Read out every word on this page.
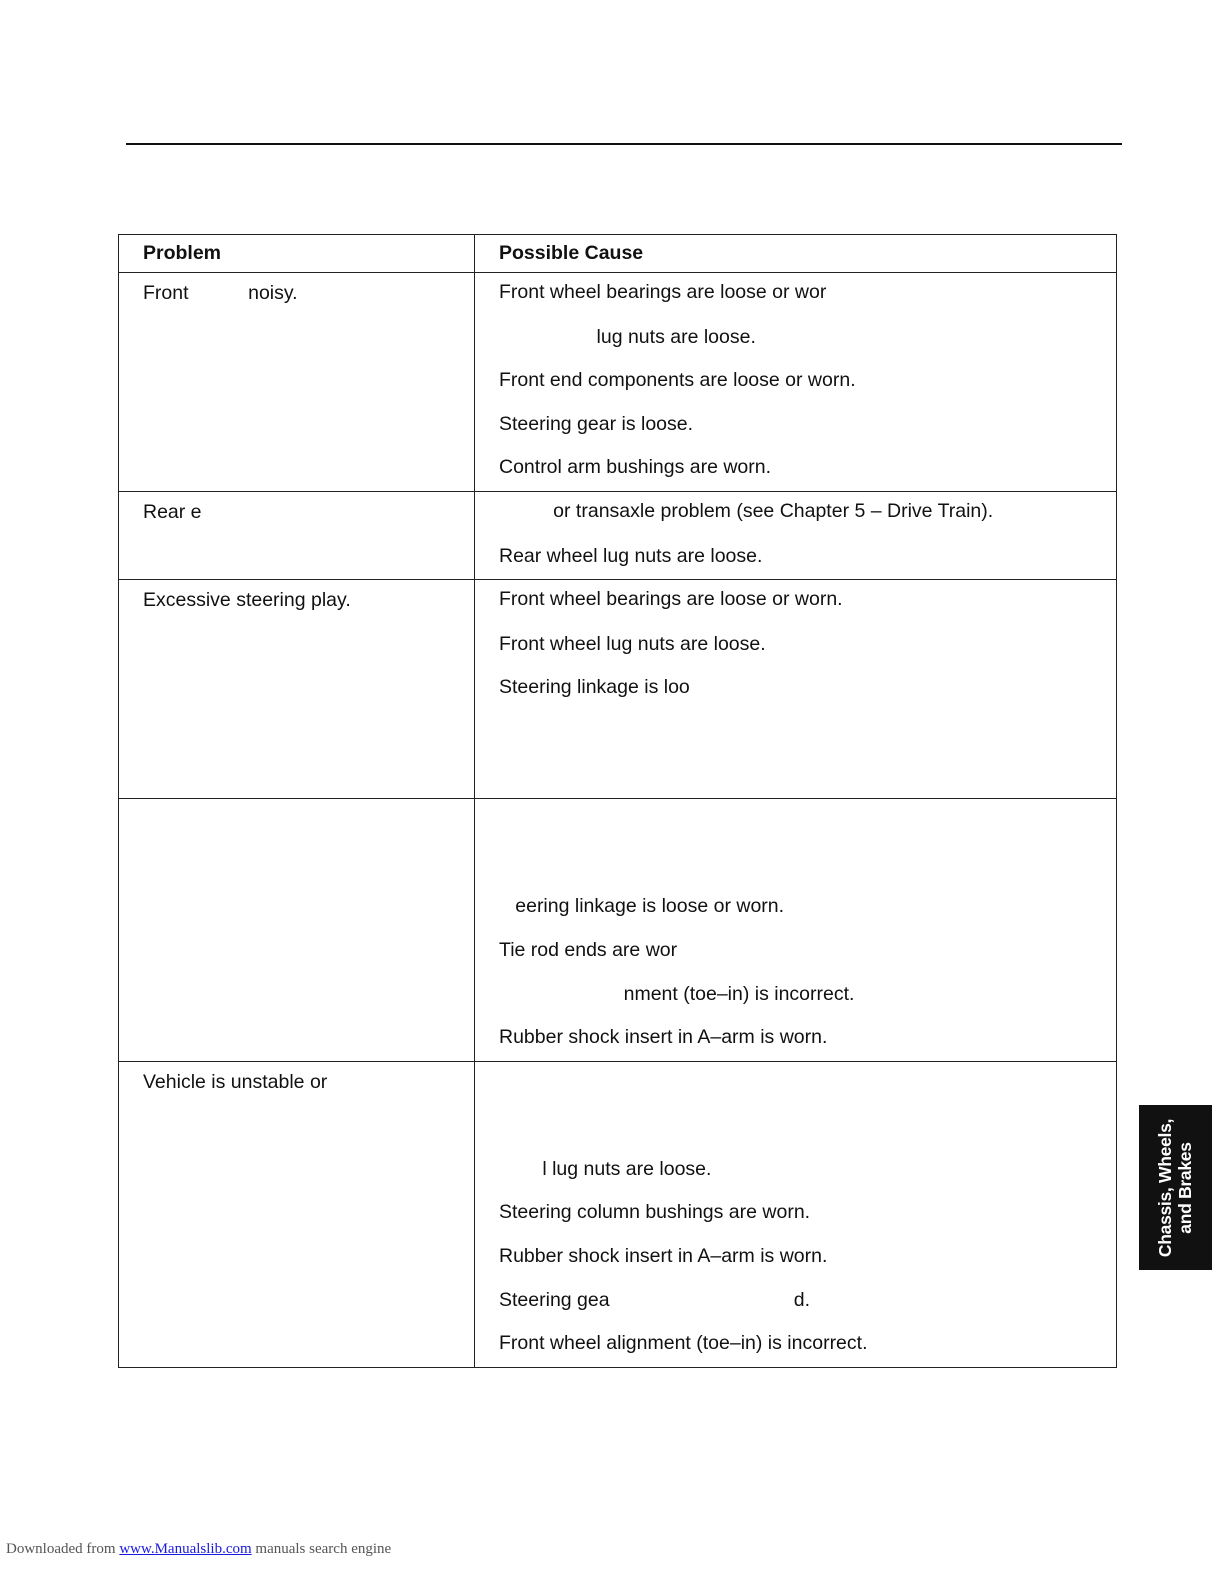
Problem	Possible Cause

Front           noisy.	Front wheel bearings are loose or wor
lug nuts are loose.
Front end components are loose or worn.
Steering gear is loose.
Control arm bushings are worn.

Rear e	or transaxle problem (see Chapter 5 – Drive Train).
Rear wheel lug nuts are loose.

Excessive steering play.	Front wheel bearings are loose or worn.
Front wheel lug nuts are loose.
Steering linkage is loo

	eering linkage is loose or worn.
Tie rod ends are wor
nment (toe–in) is incorrect.
Rubber shock insert in A–arm is worn.

Vehicle is unstable or	l lug nuts are loose.
Steering column bushings are worn.
Rubber shock insert in A–arm is worn.
Steering gea                                  d.
Front wheel alignment (toe–in) is incorrect.
Chassis, Wheels, and Brakes
Downloaded from www.Manualslib.com manuals search engine
